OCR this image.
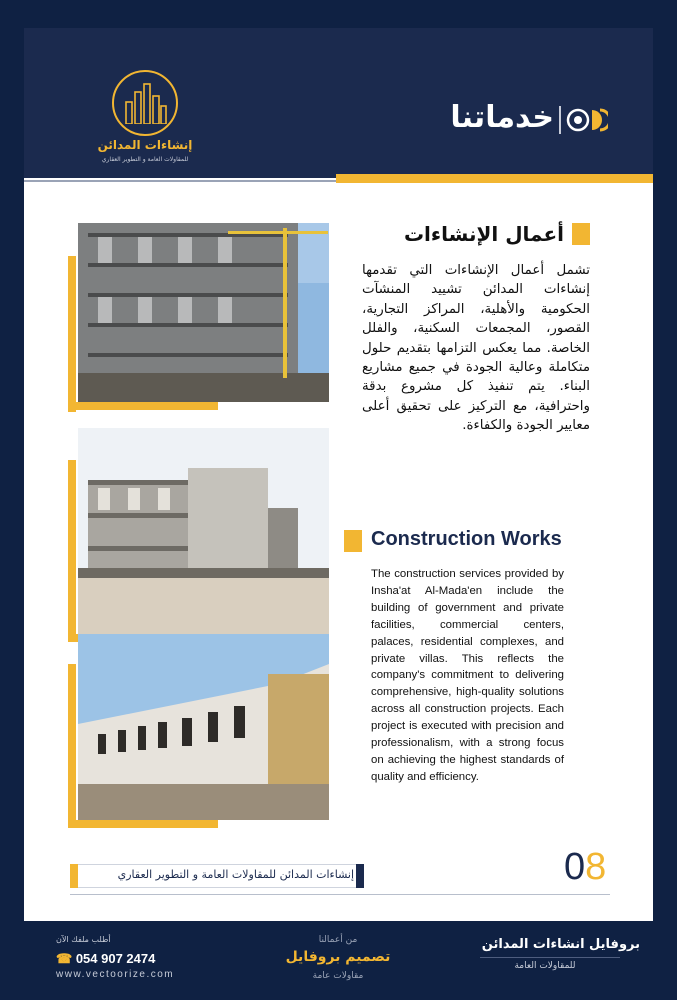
إنشاءات المدائن
للمقاولات العامة و التطوير العقاري
خدماتنا
أعمال الإنشاءات
تشمل أعمال الإنشاءات التي تقدمها إنشاءات المدائن تشييد المنشآت الحكومية والأهلية، المراكز التجارية، القصور، المجمعات السكنية، والفلل الخاصة. مما يعكس التزامها بتقديم حلول متكاملة وعالية الجودة في جميع مشاريع البناء. يتم تنفيذ كل مشروع بدقة واحترافية، مع التركيز على تحقيق أعلى معايير الجودة والكفاءة.
Construction Works
The construction services provided by Insha'at Al-Mada'en include the building of government and private facilities, commercial centers, palaces, residential complexes, and private villas. This reflects the company's commitment to delivering comprehensive, high-quality solutions across all construction projects. Each project is executed with precision and professionalism, with a strong focus on achieving the highest standards of quality and efficiency.
إنشاءات المدائن للمقاولات العامة و التطوير العقاري	08
بروفايل انشاءات المدائن
للمقاولات العامة
من أعمالنا
تصميم بروفايل
مقاولات عامة
أطلب ملفك الآن
☎ 054 907 2474
www.vectoorize.com
